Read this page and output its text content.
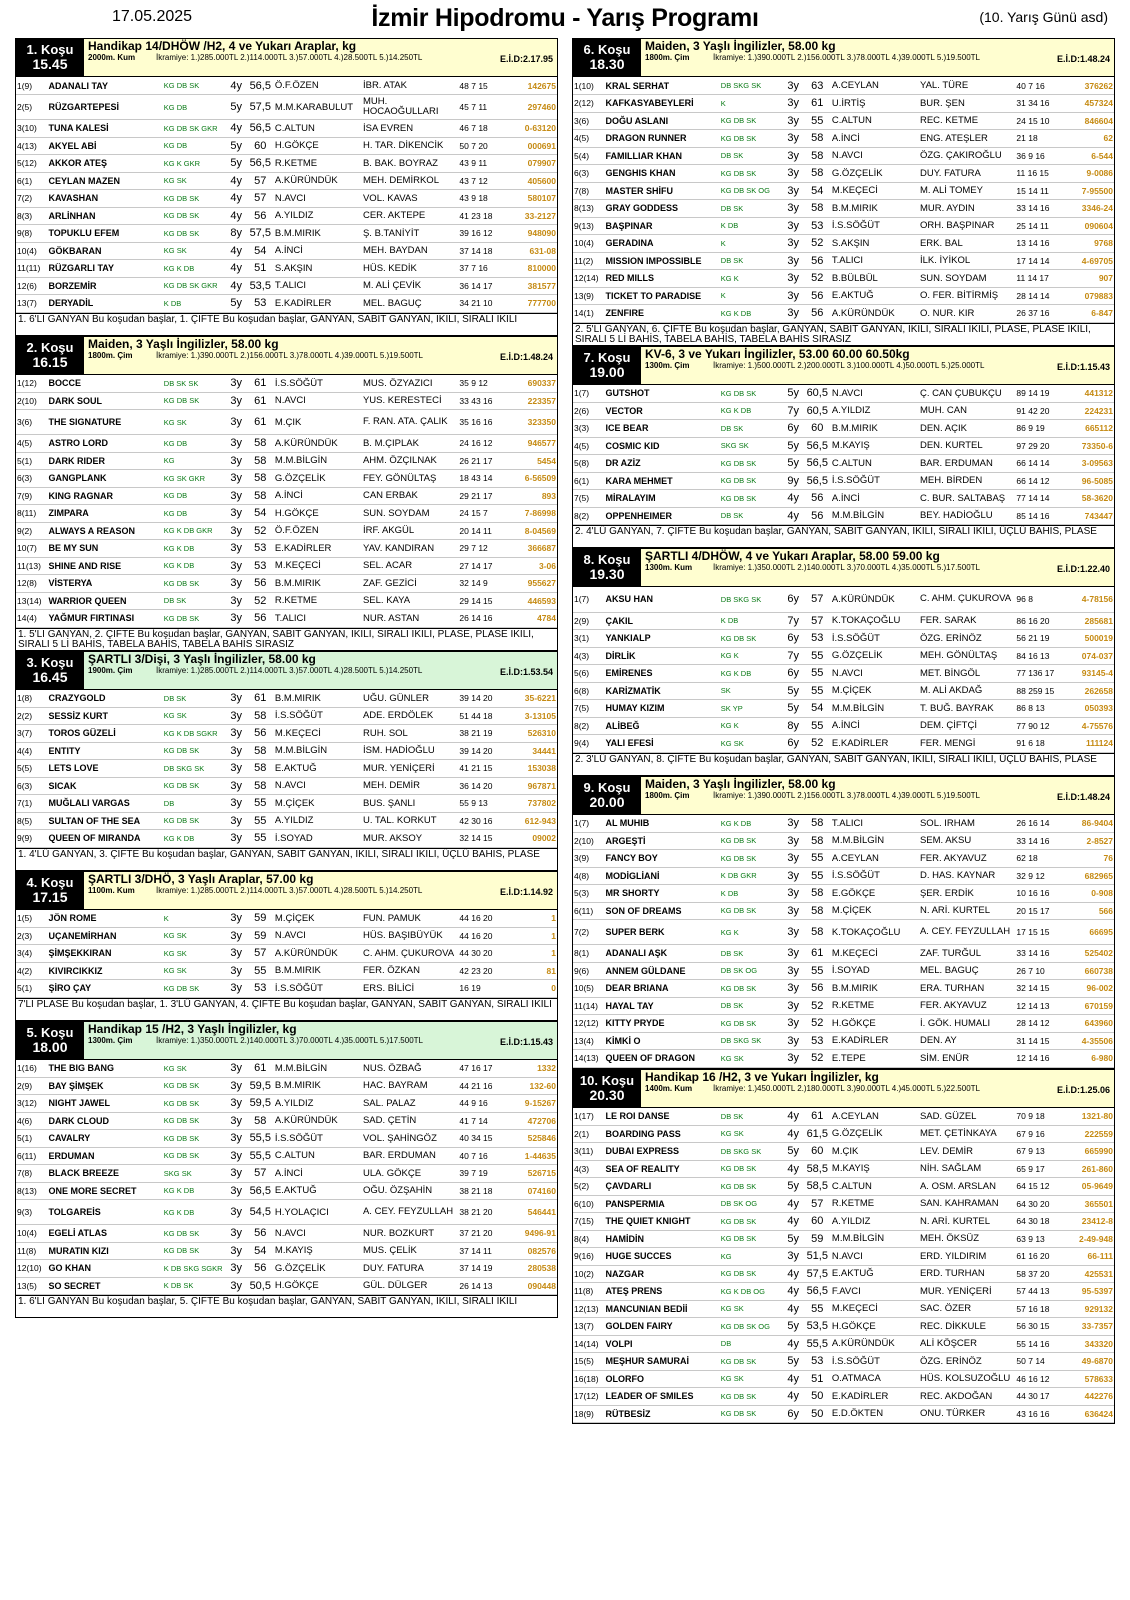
17.05.2025	İzmir Hipodromu - Yarış Programı	(10. Yarış Günü asd)
1. Koşu
15.45
Handikap 14/DHÖW /H2, 4 ve Yukarı Araplar, kg
2000m. Kum	İkramiye: 1.)285.000TL 2.)114.000TL 3.)57.000TL 4.)28.500TL 5.)14.250TL	E.İ.D:2.17.95
1(9)	ADANALI TAY	KG DB SK	4y	56,5	Ö.F.ÖZEN	İBR. ATAK	48 7 15	142675
2(5)	RÜZGARTEPESİ	KG DB	5y	57,5	M.M.KARABULUT	MUH. HOCAOĞULLARI	45 7 11	297460
3(10)	TUNA KALESİ	KG DB SK GKR	4y	56,5	C.ALTUN	İSA EVREN	46 7 18	0-63120
4(13)	AKYEL ABİ	KG DB	5y	60	H.GÖKÇE	H. TAR. DİKENCİK	50 7 20	000691
5(12)	AKKOR ATEŞ	KG K GKR	5y	56,5	R.KETME	B. BAK. BOYRAZ	43 9 11	079907
6(1)	CEYLAN MAZEN	KG SK	4y	57	A.KÜRÜNDÜK	MEH. DEMİRKOL	43 7 12	405600
7(2)	KAVASHAN	KG DB SK	4y	57	N.AVCI	VOL. KAVAS	43 9 18	580107
8(3)	ARLİNHAN	KG DB SK	4y	56	A.YILDIZ	CER. AKTEPE	41 23 18	33-2127
9(8)	TOPUKLU EFEM	KG DB SK	8y	57,5	B.M.MIRIK	Ş. B.TANİYİT	39 16 12	948090
10(4)	GÖKBARAN	KG SK	4y	54	A.İNCİ	MEH. BAYDAN	37 14 18	631-08
11(11)	RÜZGARLI TAY	KG K DB	4y	51	S.AKŞIN	HÜS. KEDİK	37 7 16	810000
12(6)	BORZEMİR	KG DB SK GKR	4y	53,5	T.ALICI	M. ALİ ÇEVİK	36 14 17	381577
13(7)	DERYADİL	K DB	5y	53	E.KADİRLER	MEL. BAGUÇ	34 21 10	777700
1. 6'LI GANYAN Bu koşudan başlar, 1. ÇİFTE Bu koşudan başlar, GANYAN, SABİT GANYAN, İKİLİ, SIRALI İKİLİ
2. Koşu
16.15
Maiden, 3 Yaşlı İngilizler, 58.00 kg
1800m. Çim	İkramiye: 1.)390.000TL 2.)156.000TL 3.)78.000TL 4.)39.000TL 5.)19.500TL	E.İ.D:1.48.24
1(12)	BOCCE	DB SK SK	3y	61	İ.S.SÖĞÜT	MUS. ÖZYAZICI	35 9 12	690337
2(10)	DARK SOUL	KG DB SK	3y	61	N.AVCI	YUS. KERESTECİ	33 43 16	223357
3(6)	THE SIGNATURE	KG SK	3y	61	M.ÇIK	F. RAN. ATA. ÇALIK	35 16 16	323350
4(5)	ASTRO LORD	KG DB	3y	58	A.KÜRÜNDÜK	B. M.ÇIPLAK	24 16 12	946577
5(1)	DARK RIDER	KG	3y	58	M.M.BİLGİN	AHM. ÖZÇILNAK	26 21 17	5454
6(3)	GANGPLANK	KG SK GKR	3y	58	G.ÖZÇELİK	FEY. GÖNÜLTAŞ	18 43 14	6-56509
7(9)	KING RAGNAR	KG DB	3y	58	A.İNCİ	CAN ERBAK	29 21 17	893
8(11)	ZIMPARA	KG DB	3y	54	H.GÖKÇE	SUN. SOYDAM	24 15 7	7-86998
9(2)	ALWAYS A REASON	KG K DB GKR	3y	52	Ö.F.ÖZEN	İRF. AKGÜL	20 14 11	8-04569
10(7)	BE MY SUN	KG K DB	3y	53	E.KADİRLER	YAV. KANDIRAN	29 7 12	366687
11(13)	SHINE AND RISE	KG K DB	3y	53	M.KEÇECİ	SEL. ACAR	27 14 17	3-06
12(8)	VİSTERYA	KG DB SK	3y	56	B.M.MIRIK	ZAF. GEZİCİ	32 14 9	955627
13(14)	WARRIOR QUEEN	DB SK	3y	52	R.KETME	SEL. KAYA	29 14 15	446593
14(4)	YAĞMUR FIRTINASI	KG DB SK	3y	56	T.ALICI	NUR. ASTAN	26 14 16	4784
1. 5'Lİ GANYAN, 2. ÇİFTE Bu koşudan başlar, GANYAN, SABİT GANYAN, İKİLİ, SIRALI İKİLİ, PLASE, PLASE İKİLİ, SIRALI 5 Lİ BAHİS, TABELA BAHİS, TABELA BAHİS SIRASIZ
3. Koşu
16.45
ŞARTLI 3/Dişi, 3 Yaşlı İngilizler, 58.00 kg
1900m. Çim	İkramiye: 1.)285.000TL 2.)114.000TL 3.)57.000TL 4.)28.500TL 5.)14.250TL	E.İ.D:1.53.54
1(8)	CRAZYGOLD	DB SK	3y	61	B.M.MIRIK	UĞU. GÜNLER	39 14 20	35-6221
2(2)	SESSİZ KURT	KG SK	3y	58	İ.S.SÖĞÜT	ADE. ERDÖLEK	51 44 18	3-13105
3(7)	TOROS GÜZELİ	KG K DB SGKR	3y	56	M.KEÇECİ	RUH. SOL	38 21 19	526310
4(4)	ENTITY	KG DB SK	3y	58	M.M.BİLGİN	İSM. HADİOĞLU	39 14 20	34441
5(5)	LETS LOVE	DB SKG SK	3y	58	E.AKTUĞ	MUR. YENİÇERİ	41 21 15	153038
6(3)	SICAK	KG DB SK	3y	58	N.AVCI	MEH. DEMİR	36 14 20	967871
7(1)	MUĞLALI VARGAS	DB	3y	55	M.ÇİÇEK	BUS. ŞANLI	55 9 13	737802
8(5)	SULTAN OF THE SEA	KG DB SK	3y	55	A.YILDIZ	U. TAL. KORKUT	42 30 16	612-943
9(9)	QUEEN OF MIRANDA	KG K DB	3y	55	İ.SOYAD	MUR. AKSOY	32 14 15	09002
1. 4'LÜ GANYAN, 3. ÇİFTE Bu koşudan başlar, GANYAN, SABİT GANYAN, İKİLİ, SIRALI İKİLİ, ÜÇLÜ BAHİS, PLASE
4. Koşu
17.15
ŞARTLI 3/DHÖ, 3 Yaşlı Araplar, 57.00 kg
1100m. Kum	İkramiye: 1.)285.000TL 2.)114.000TL 3.)57.000TL 4.)28.500TL 5.)14.250TL	E.İ.D:1.14.92
1(5)	JÖN ROME	K	3y	59	M.ÇİÇEK	FUN. PAMUK	44 16 20	1
2(3)	UÇANEMİRHAN	KG SK	3y	59	N.AVCI	HÜS. BAŞIBÜYÜK	44 16 20	1
3(4)	ŞİMŞEKKIRAN	KG SK	3y	57	A.KÜRÜNDÜK	C. AHM. ÇUKUROVA	44 30 20	1
4(2)	KIVIRCIKKIZ	KG SK	3y	55	B.M.MIRIK	FER. ÖZKAN	42 23 20	81
5(1)	ŞİRO ÇAY	KG DB SK	3y	53	İ.S.SÖĞÜT	ERS. BİLİCİ	16 19	0
7'Lİ PLASE Bu koşudan başlar, 1. 3'LÜ GANYAN, 4. ÇİFTE Bu koşudan başlar, GANYAN, SABİT GANYAN, SIRALI İKİLİ
5. Koşu
18.00
Handikap 15 /H2, 3 Yaşlı İngilizler, kg
1300m. Çim	İkramiye: 1.)350.000TL 2.)140.000TL 3.)70.000TL 4.)35.000TL 5.)17.500TL	E.İ.D:1.15.43
1(16)	THE BIG BANG	KG SK	3y	61	M.M.BİLGİN	NUS. ÖZBAĞ	47 16 17	1332
2(9)	BAY ŞİMŞEK	KG DB SK	3y	59,5	B.M.MIRIK	HAC. BAYRAM	44 21 16	132-60
3(12)	NIGHT JAWEL	KG DB SK	3y	59,5	A.YILDIZ	SAL. PALAZ	44 9 16	9-15267
4(6)	DARK CLOUD	KG DB SK	3y	58	A.KÜRÜNDÜK	SAD. ÇETİN	41 7 14	472706
5(1)	CAVALRY	KG DB SK	3y	55,5	İ.S.SÖĞÜT	VOL. ŞAHİNGÖZ	40 34 15	525846
6(11)	ERDUMAN	KG DB SK	3y	55,5	C.ALTUN	BAR. ERDUMAN	40 7 16	1-44635
7(8)	BLACK BREEZE	SKG SK	3y	57	A.İNCİ	ULA. GÖKÇE	39 7 19	526715
8(13)	ONE MORE SECRET	KG K DB	3y	56,5	E.AKTUĞ	OĞU. ÖZŞAHİN	38 21 18	074160
9(3)	TOLGAREİS	KG K DB	3y	54,5	H.YOLAÇICI	A. CEY. FEYZULLAH	38 21 20	546441
10(4)	EGELİ ATLAS	KG DB SK	3y	56	N.AVCI	NUR. BOZKURT	37 21 20	9496-91
11(8)	MURATIN KIZI	KG DB SK	3y	54	M.KAYIŞ	MUS. ÇELİK	37 14 11	082576
12(10)	GO KHAN	K DB SKG SGKR	3y	56	G.ÖZÇELİK	DUY. FATURA	37 14 19	280538
13(5)	SO SECRET	K DB SK	3y	50,5	H.GÖKÇE	GÜL. DÜLGER	26 14 13	090448
1. 6'LI GANYAN Bu koşudan başlar, 5. ÇİFTE Bu koşudan başlar, GANYAN, SABİT GANYAN, İKİLİ, SIRALI İKİLİ
6. Koşu
18.30
Maiden, 3 Yaşlı İngilizler, 58.00 kg
1800m. Çim	İkramiye: 1.)390.000TL 2.)156.000TL 3.)78.000TL 4.)39.000TL 5.)19.500TL	E.İ.D:1.48.24
1(10)	KRAL SERHAT	DB SKG SK	3y	63	A.CEYLAN	YAL. TÜRE	40 7 16	376262
2(12)	KAFKASYABEYLERİ	K	3y	61	U.İRTİŞ	BUR. ŞEN	31 34 16	457324
3(6)	DOĞU ASLANI	KG DB SK	3y	55	C.ALTUN	REC. KETME	24 15 10	846604
4(5)	DRAGON RUNNER	KG DB SK	3y	58	A.İNCİ	ENG. ATEŞLER	21 18	62
5(4)	FAMILLIAR KHAN	DB SK	3y	58	N.AVCI	ÖZG. ÇAKIROĞLU	36 9 16	6-544
6(3)	GENGHIS KHAN	KG DB SK	3y	58	G.ÖZÇELİK	DUY. FATURA	11 16 15	9-0086
7(8)	MASTER SHİFU	KG DB SK OG	3y	54	M.KEÇECİ	M. ALİ TOMEY	15 14 11	7-95500
8(13)	GRAY GODDESS	DB SK	3y	58	B.M.MIRIK	MUR. AYDIN	33 14 16	3346-24
9(13)	BAŞPINAR	K DB	3y	53	İ.S.SÖĞÜT	ORH. BAŞPINAR	25 14 11	090604
10(4)	GERADINA	K	3y	52	S.AKŞIN	ERK. BAL	13 14 16	9768
11(2)	MISSION IMPOSSIBLE	DB SK	3y	56	T.ALICI	İLK. İYİKOL	17 14 14	4-69705
12(14)	RED MILLS	KG K	3y	52	B.BÜLBÜL	SUN. SOYDAM	11 14 17	907
13(9)	TICKET TO PARADISE	K	3y	56	E.AKTUĞ	O. FER. BİTİRMİŞ	28 14 14	079883
14(1)	ZENFIRE	KG K DB	3y	56	A.KÜRÜNDÜK	O. NUR. KIR	26 37 16	6-847
2. 5'Lİ GANYAN, 6. ÇİFTE Bu koşudan başlar, GANYAN, SABİT GANYAN, İKİLİ, SIRALI İKİLİ, PLASE, PLASE İKİLİ, SIRALI 5 Lİ BAHİS, TABELA BAHİS, TABELA BAHİS SIRASIZ
7. Koşu
19.00
KV-6, 3 ve Yukarı İngilizler, 53.00 60.00 60.50kg
1300m. Çim	İkramiye: 1.)500.000TL 2.)200.000TL 3.)100.000TL 4.)50.000TL 5.)25.000TL	E.İ.D:1.15.43
1(7)	GUTSHOT	KG DB SK	5y	60,5	N.AVCI	Ç. CAN ÇUBUKÇU	89 14 19	441312
2(6)	VECTOR	KG K DB	7y	60,5	A.YILDIZ	MUH. CAN	91 42 20	224231
3(3)	ICE BEAR	DB SK	6y	60	B.M.MIRIK	DEN. AÇIK	86 9 19	665112
4(5)	COSMIC KID	SKG SK	5y	56,5	M.KAYIŞ	DEN. KURTEL	97 29 20	73350-6
5(8)	DR AZİZ	KG DB SK	5y	56,5	C.ALTUN	BAR. ERDUMAN	66 14 14	3-09563
6(1)	KARA MEHMET	KG DB SK	9y	56,5	İ.S.SÖĞÜT	MEH. BİRDEN	66 14 12	96-5085
7(5)	MİRALAYIM	KG DB SK	4y	56	A.İNCİ	C. BUR. SALTABAŞ	77 14 14	58-3620
8(2)	OPPENHEIMER	DB SK	4y	56	M.M.BİLGİN	BEY. HADİOĞLU	85 14 16	743447
2. 4'LÜ GANYAN, 7. ÇİFTE Bu koşudan başlar, GANYAN, SABİT GANYAN, İKİLİ, SIRALI İKİLİ, ÜÇLÜ BAHİS, PLASE
8. Koşu
19.30
ŞARTLI 4/DHÖW, 4 ve Yukarı Araplar, 58.00 59.00 kg
1300m. Kum	İkramiye: 1.)350.000TL 2.)140.000TL 3.)70.000TL 4.)35.000TL 5.)17.500TL	E.İ.D:1.22.40
1(7)	AKSU HAN	DB SKG SK	6y	57	A.KÜRÜNDÜK	C. AHM. ÇUKUROVA	96 8	4-78156
2(9)	ÇAKIL	K DB	7y	57	K.TOKAÇOĞLU	FER. SARAK	86 16 20	285681
3(1)	YANKIALP	KG DB SK	6y	53	İ.S.SÖĞÜT	ÖZG. ERİNÖZ	56 21 19	500019
4(3)	DİRLİK	KG K	7y	55	G.ÖZÇELİK	MEH. GÖNÜLTAŞ	84 16 13	074-037
5(6)	EMİRENES	KG K DB	6y	55	N.AVCI	MET. BİNGÖL	77 136 17	93145-4
6(8)	KARİZMATİK	SK	5y	55	M.ÇİÇEK	M. ALİ AKDAĞ	88 259 15	262658
7(5)	HUMAY KIZIM	SK YP	5y	54	M.M.BİLGİN	T. BUĞ. BAYRAK	86 8 13	050393
8(2)	ALİBEĞ	KG K	8y	55	A.İNCİ	DEM. ÇİFTÇİ	77 90 12	4-75576
9(4)	YALI EFESİ	KG SK	6y	52	E.KADİRLER	FER. MENGİ	91 6 18	111124
2. 3'LÜ GANYAN, 8. ÇİFTE Bu koşudan başlar, GANYAN, SABİT GANYAN, İKİLİ, SIRALI İKİLİ, ÜÇLÜ BAHİS, PLASE
9. Koşu
20.00
Maiden, 3 Yaşlı İngilizler, 58.00 kg
1800m. Çim	İkramiye: 1.)390.000TL 2.)156.000TL 3.)78.000TL 4.)39.000TL 5.)19.500TL	E.İ.D:1.48.24
1(7)	AL MUHIB	KG K DB	3y	58	T.ALICI	SOL. IRHAM	26 16 14	86-9404
2(10)	ARGEŞTİ	KG DB SK	3y	58	M.M.BİLGİN	SEM. AKSU	33 14 16	2-8527
3(9)	FANCY BOY	KG DB SK	3y	55	A.CEYLAN	FER. AKYAVUZ	62 18	76
4(8)	MODİGLİANİ	K DB GKR	3y	55	İ.S.SÖĞÜT	D. HAS. KAYNAR	32 9 12	682965
5(3)	MR SHORTY	K DB	3y	58	E.GÖKÇE	ŞER. ERDİK	10 16 16	0-908
6(11)	SON OF DREAMS	KG DB SK	3y	58	M.ÇİÇEK	N. ARİ. KURTEL	20 15 17	566
7(2)	SUPER BERK	KG K	3y	58	K.TOKAÇOĞLU	A. CEY. FEYZULLAH	17 15 15	66695
8(1)	ADANALI AŞK	DB SK	3y	61	M.KEÇECİ	ZAF. TURĞUL	33 14 16	525402
9(6)	ANNEM GÜLDANE	DB SK OG	3y	55	İ.SOYAD	MEL. BAGUÇ	26 7 10	660738
10(5)	DEAR BRIANA	KG DB SK	3y	56	B.M.MIRIK	ERA. TURHAN	32 14 15	96-002
11(14)	HAYAL TAY	DB SK	3y	52	R.KETME	FER. AKYAVUZ	12 14 13	670159
12(12)	KITTY PRYDE	KG DB SK	3y	52	H.GÖKÇE	İ. GÖK. HUMALI	28 14 12	643960
13(4)	KİMKİ O	DB SKG SK	3y	53	E.KADİRLER	DEN. AY	31 14 15	4-35506
14(13)	QUEEN OF DRAGON	KG SK	3y	52	E.TEPE	SİM. ENÜR	12 14 16	6-980
10. Koşu
20.30
Handikap 16 /H2, 3 ve Yukarı İngilizler, kg
1400m. Kum	İkramiye: 1.)450.000TL 2.)180.000TL 3.)90.000TL 4.)45.000TL 5.)22.500TL	E.İ.D:1.25.06
1(17)	LE ROI DANSE	DB SK	4y	61	A.CEYLAN	SAD. GÜZEL	70 9 18	1321-80
2(1)	BOARDING PASS	KG SK	4y	61,5	G.ÖZÇELİK	MET. ÇETİNKAYA	67 9 16	222559
3(11)	DUBAI EXPRESS	DB SKG SK	5y	60	M.ÇIK	LEV. DEMİR	67 9 13	665990
4(3)	SEA OF REALITY	KG DB SK	4y	58,5	M.KAYIŞ	NİH. SAĞLAM	65 9 17	261-860
5(2)	ÇAVDARLI	KG DB SK	5y	58,5	C.ALTUN	A. OSM. ARSLAN	64 15 12	05-9649
6(10)	PANSPERMIA	DB SK OG	4y	57	R.KETME	SAN. KAHRAMAN	64 30 20	365501
7(15)	THE QUIET KNIGHT	KG DB SK	4y	60	A.YILDIZ	N. ARİ. KURTEL	64 30 18	23412-8
8(4)	HAMİDİN	KG DB SK	5y	59	M.M.BİLGİN	MEH. ÖKSÜZ	63 9 13	2-49-948
9(16)	HUGE SUCCES	KG	3y	51,5	N.AVCI	ERD. YILDIRIM	61 16 20	66-111
10(2)	NAZGAR	KG DB SK	4y	57,5	E.AKTUĞ	ERD. TURHAN	58 37 20	425531
11(8)	ATEŞ PRENS	KG K DB OG	4y	56,5	F.AVCI	MUR. YENİÇERİ	57 44 13	95-5397
12(13)	MANCUNIAN BEDİİ	KG SK	4y	55	M.KEÇECİ	SAC. ÖZER	57 16 18	929132
13(7)	GOLDEN FAIRY	KG DB SK OG	5y	53,5	H.GÖKÇE	REC. DİKKULE	56 30 15	33-7357
14(14)	VOLPI	DB	4y	55,5	A.KÜRÜNDÜK	ALİ KÖŞCER	55 14 16	343320
15(5)	MEŞHUR SAMURAİ	KG DB SK	5y	53	İ.S.SÖĞÜT	ÖZG. ERİNÖZ	50 7 14	49-6870
16(18)	OLORFO	KG SK	4y	51	O.ATMACA	HÜS. KOLSUZOĞLU	46 16 12	578633
17(12)	LEADER OF SMILES	KG DB SK	4y	50	E.KADİRLER	REC. AKDOĞAN	44 30 17	442276
18(9)	RÜTBESİZ	KG DB SK	6y	50	E.D.ÖKTEN	ONU. TÜRKER	43 16 16	636424
